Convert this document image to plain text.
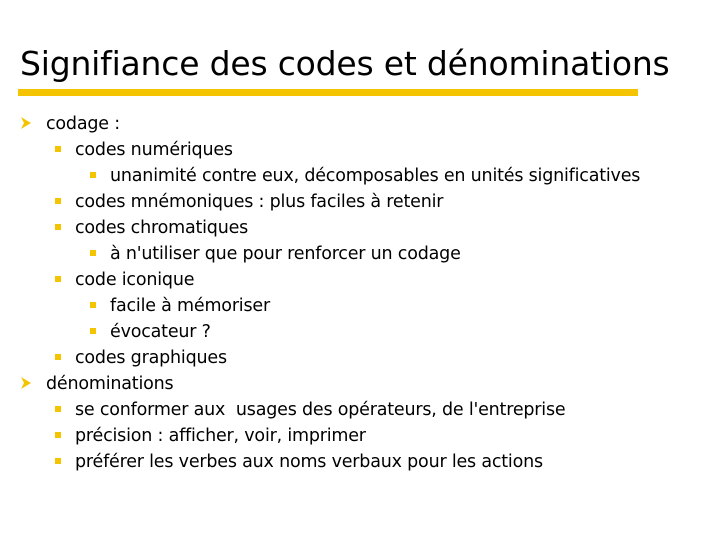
Signifiance des codes et dénominations
codage :
codes numériques
unanimité contre eux, décomposables en unités significatives
codes mnémoniques : plus faciles à retenir
codes chromatiques
à n'utiliser que pour renforcer un codage
code iconique
facile à mémoriser
évocateur ?
codes graphiques
dénominations
se conformer aux  usages des opérateurs, de l'entreprise
précision : afficher, voir, imprimer
préférer les verbes aux noms verbaux pour les actions
